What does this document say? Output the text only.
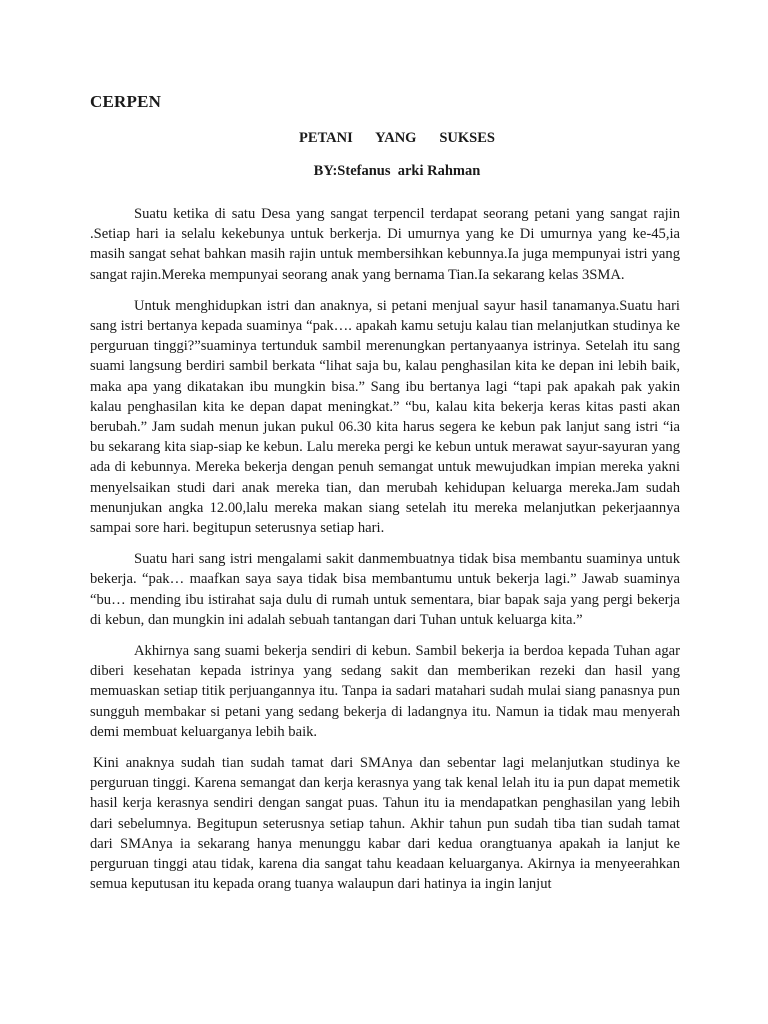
CERPEN
PETANI   YANG   SUKSES
BY:Stefanus  arki Rahman

Suatu ketika di satu Desa yang sangat terpencil terdapat seorang petani yang sangat rajin .Setiap hari ia selalu kekebunya untuk berkerja. Di umurnya yang ke Di umurnya yang ke-45,ia masih sangat sehat bahkan masih rajin untuk membersihkan kebunnya.Ia juga mempunyai istri yang sangat rajin.Mereka mempunyai seorang anak yang bernama Tian.Ia sekarang kelas 3SMA.

Untuk menghidupkan istri dan anaknya, si petani menjual sayur hasil tanamanya.Suatu hari sang istri bertanya kepada suaminya “pak…. apakah kamu setuju kalau tian melanjutkan studinya ke perguruan tinggi?”suaminya tertunduk sambil merenungkan pertanyaanya istrinya. Setelah itu sang suami langsung berdiri sambil berkata “lihat saja bu, kalau penghasilan kita ke depan ini lebih baik, maka apa yang dikatakan ibu mungkin bisa.” Sang ibu bertanya lagi “tapi pak apakah pak yakin kalau penghasilan kita ke depan dapat meningkat.” “bu, kalau kita bekerja keras kitas pasti akan berubah.” Jam sudah menun jukan pukul 06.30 kita harus segera ke kebun pak lanjut sang istri “ia bu sekarang kita siap-siap ke kebun. Lalu mereka pergi ke kebun untuk merawat sayur-sayuran yang ada di kebunnya. Mereka bekerja dengan penuh semangat untuk mewujudkan impian mereka yakni menyelsaikan studi dari anak mereka tian, dan merubah kehidupan keluarga mereka.Jam sudah menunjukan angka 12.00,lalu mereka makan siang setelah itu mereka melanjutkan pekerjaannya sampai sore hari. begitupun seterusnya setiap hari.

Suatu hari sang istri mengalami sakit danmembuatnya tidak bisa membantu suaminya untuk bekerja. “pak… maafkan saya saya tidak bisa membantumu untuk bekerja lagi.” Jawab suaminya “bu… mending ibu istirahat saja dulu di rumah untuk sementara, biar bapak saja yang pergi bekerja di kebun, dan mungkin ini adalah sebuah tantangan dari Tuhan untuk keluarga kita.”

Akhirnya sang suami bekerja sendiri di kebun. Sambil bekerja ia berdoa kepada Tuhan agar diberi kesehatan kepada istrinya yang sedang sakit dan memberikan rezeki dan hasil yang memuaskan setiap titik perjuangannya itu. Tanpa ia sadari matahari sudah mulai siang panasnya pun sungguh membakar si petani yang sedang bekerja di ladangnya itu. Namun ia tidak mau menyerah demi membuat keluarganya lebih baik.

Kini anaknya sudah tian sudah tamat dari SMAnya dan sebentar lagi melanjutkan studinya ke perguruan tinggi. Karena semangat dan kerja kerasnya yang tak kenal lelah itu ia pun dapat memetik hasil kerja kerasnya sendiri dengan sangat puas. Tahun itu ia mendapatkan penghasilan yang lebih dari sebelumnya. Begitupun seterusnya setiap tahun. Akhir tahun pun sudah tiba tian sudah tamat dari SMAnya ia sekarang hanya menunggu kabar dari kedua orangtuanya apakah ia lanjut ke perguruan tinggi atau tidak, karena dia sangat tahu keadaan keluarganya. Akirnya ia menyeerahkan semua keputusan itu kepada orang tuanya walaupun dari hatinya ia ingin lanjut
